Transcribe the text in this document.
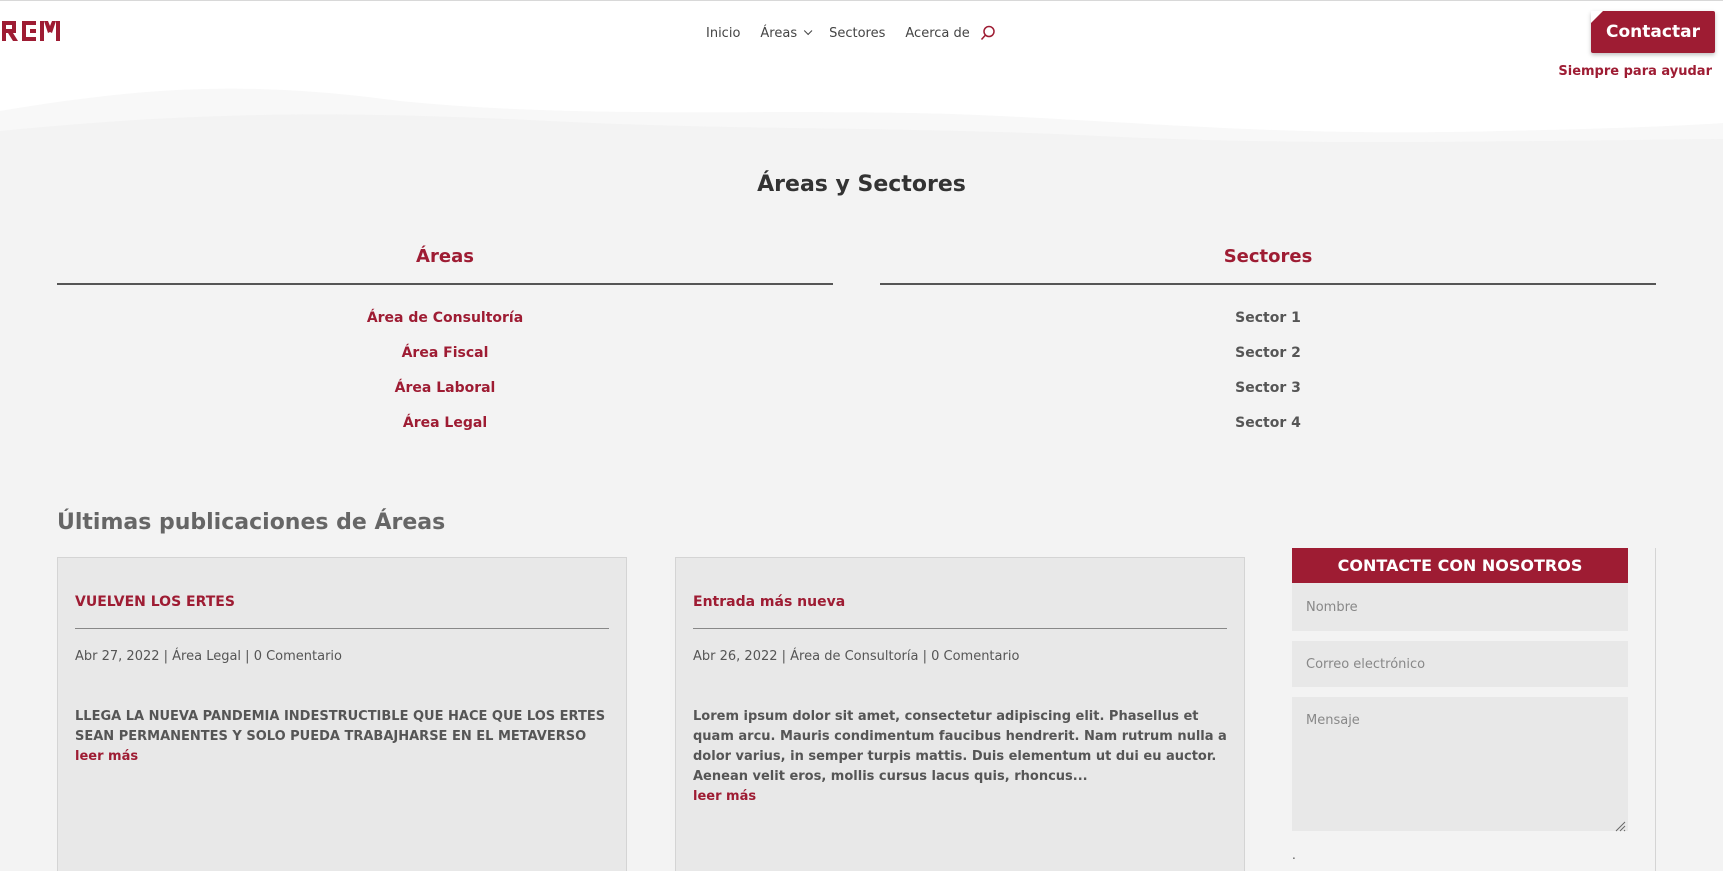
Inicio Áreas Sectores Acerca de	Contactar
Siempre para ayudar
Áreas y Sectores
Áreas
Área de Consultoría
Área Fiscal
Área Laboral
Área Legal
Sectores
Sector 1
Sector 2
Sector 3
Sector 4
Últimas publicaciones de Áreas
VUELVEN LOS ERTES
Abr 27, 2022 | Área Legal | 0 Comentario
LLEGA LA NUEVA PANDEMIA INDESTRUCTIBLE QUE HACE QUE LOS ERTES SEAN PERMANENTES Y SOLO PUEDA TRABAJHARSE EN EL METAVERSO
leer más
Entrada más nueva
Abr 26, 2022 | Área de Consultoría | 0 Comentario
Lorem ipsum dolor sit amet, consectetur adipiscing elit. Phasellus et quam arcu. Mauris condimentum faucibus hendrerit. Nam rutrum nulla a dolor varius, in semper turpis mattis. Duis elementum ut dui eu auctor. Aenean velit eros, mollis cursus lacus quis, rhoncus...
leer más
CONTACTE CON NOSOTROS
Nombre
Correo electrónico
Mensaje
.
